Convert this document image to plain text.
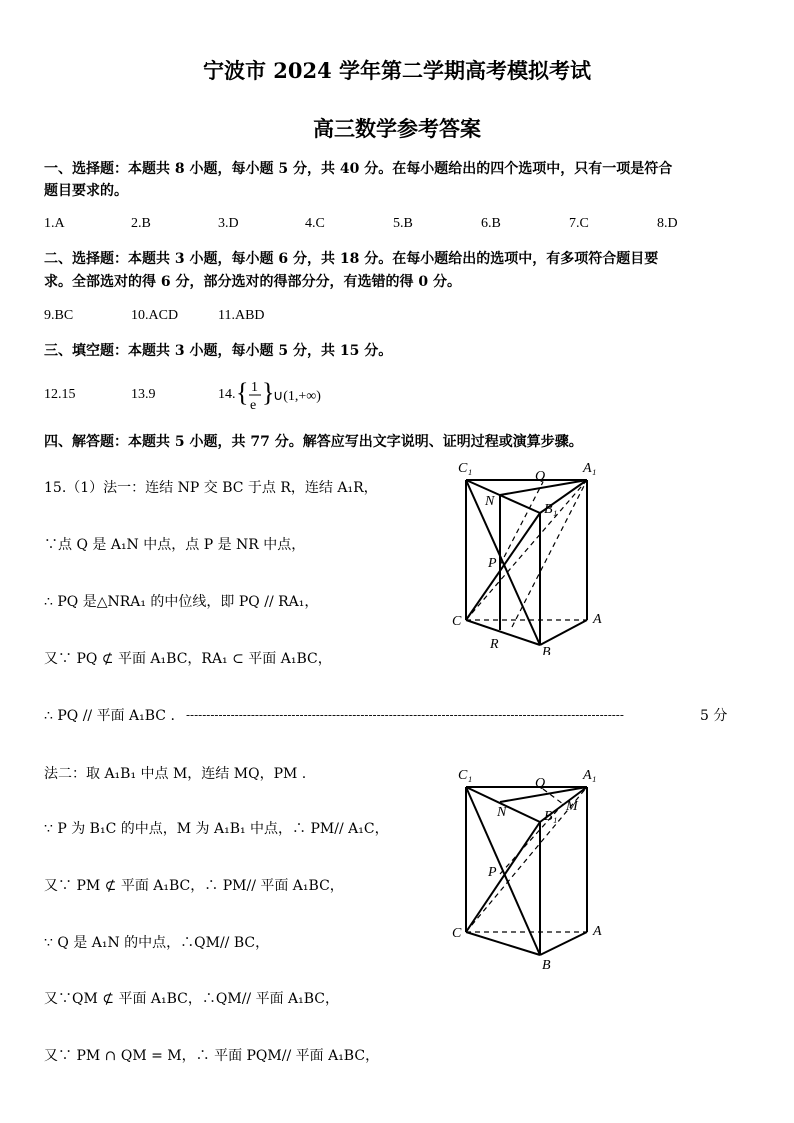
宁波市 2024 学年第二学期高考模拟考试
高三数学参考答案
一、选择题：本题共 8 小题，每小题 5 分，共 40 分。在每小题给出的四个选项中，只有一项是符合
题目要求的。
1.A	2.B	3.D	4.C	5.B	6.B	7.C	8.D
二、选择题：本题共 3 小题，每小题 6 分，共 18 分。在每小题给出的选项中，有多项符合题目要
求。全部选对的得 6 分，部分选对的得部分分，有选错的得 0 分。
9.BC	10.ACD	11.ABD
三、填空题：本题共 3 小题，每小题 5 分，共 15 分。
12.15	13.9	14. { 1
e }
∪(1,+∞)
四、解答题：本题共 5 小题，共 77 分。解答应写出文字说明、证明过程或演算步骤。
15.（1）法一：连结 NP 交 BC 于点 R，连结 A₁R，
∵点 Q 是 A₁N 中点，点 P 是 NR 中点，
∴ PQ 是△NRA₁ 的中位线，即 PQ // RA₁，
又∵ PQ ⊄ 平面 A₁BC，RA₁ ⊂ 平面 A₁BC，
∴ PQ // 平面 A₁BC . ------------------------------------------------------------------------------------------------------------	5 分
C₁
Q
A₁
N
B₁
P
C	A
R
B
法二：取 A₁B₁ 中点 M，连结 MQ，PM .
∵ P 为 B₁C 的中点，M 为 A₁B₁ 中点，∴ PM// A₁C，
又∵ PM ⊄ 平面 A₁BC，∴ PM// 平面 A₁BC，
∵ Q 是 A₁N 的中点，∴QM// BC，
又∵QM ⊄ 平面 A₁BC，∴QM// 平面 A₁BC，
又∵ PM ∩ QM = M，∴ 平面 PQM// 平面 A₁BC，
C₁
Q
A₁
M
N	B₁
P
C	A
B
